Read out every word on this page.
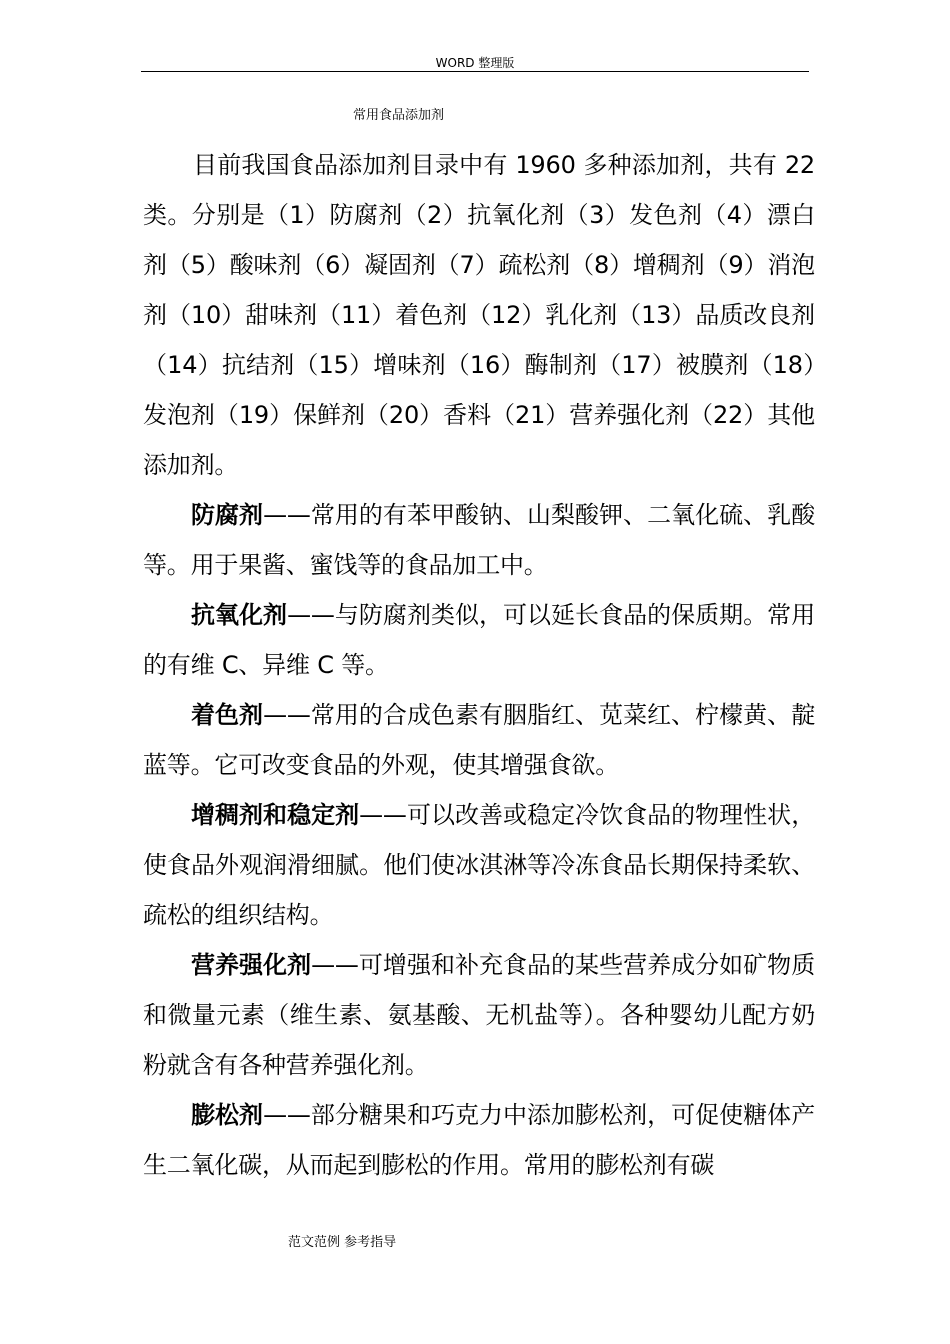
WORD 整理版
常用食品添加剂

目前我国食品添加剂目录中有 1960 多种添加剂，共有 22 类。分别是（1）防腐剂（2）抗氧化剂（3）发色剂（4）漂白剂（5）酸味剂（6）凝固剂（7）疏松剂（8）增稠剂（9）消泡剂（10）甜味剂（11）着色剂（12）乳化剂（13）品质改良剂（14）抗结剂（15）增味剂（16）酶制剂（17）被膜剂（18）发泡剂（19）保鲜剂（20）香料（21）营养强化剂（22）其他添加剂。

防腐剂——常用的有苯甲酸钠、山梨酸钾、二氧化硫、乳酸等。用于果酱、蜜饯等的食品加工中。

抗氧化剂——与防腐剂类似，可以延长食品的保质期。常用的有维 C、异维 C 等。

着色剂——常用的合成色素有胭脂红、苋菜红、柠檬黄、靛蓝等。它可改变食品的外观，使其增强食欲。

增稠剂和稳定剂——可以改善或稳定冷饮食品的物理性状，使食品外观润滑细腻。他们使冰淇淋等冷冻食品长期保持柔软、疏松的组织结构。

营养强化剂——可增强和补充食品的某些营养成分如矿物质和微量元素（维生素、氨基酸、无机盐等）。各种婴幼儿配方奶粉就含有各种营养强化剂。

膨松剂——部分糖果和巧克力中添加膨松剂，可促使糖体产生二氧化碳，从而起到膨松的作用。常用的膨松剂有碳

范文范例 参考指导
